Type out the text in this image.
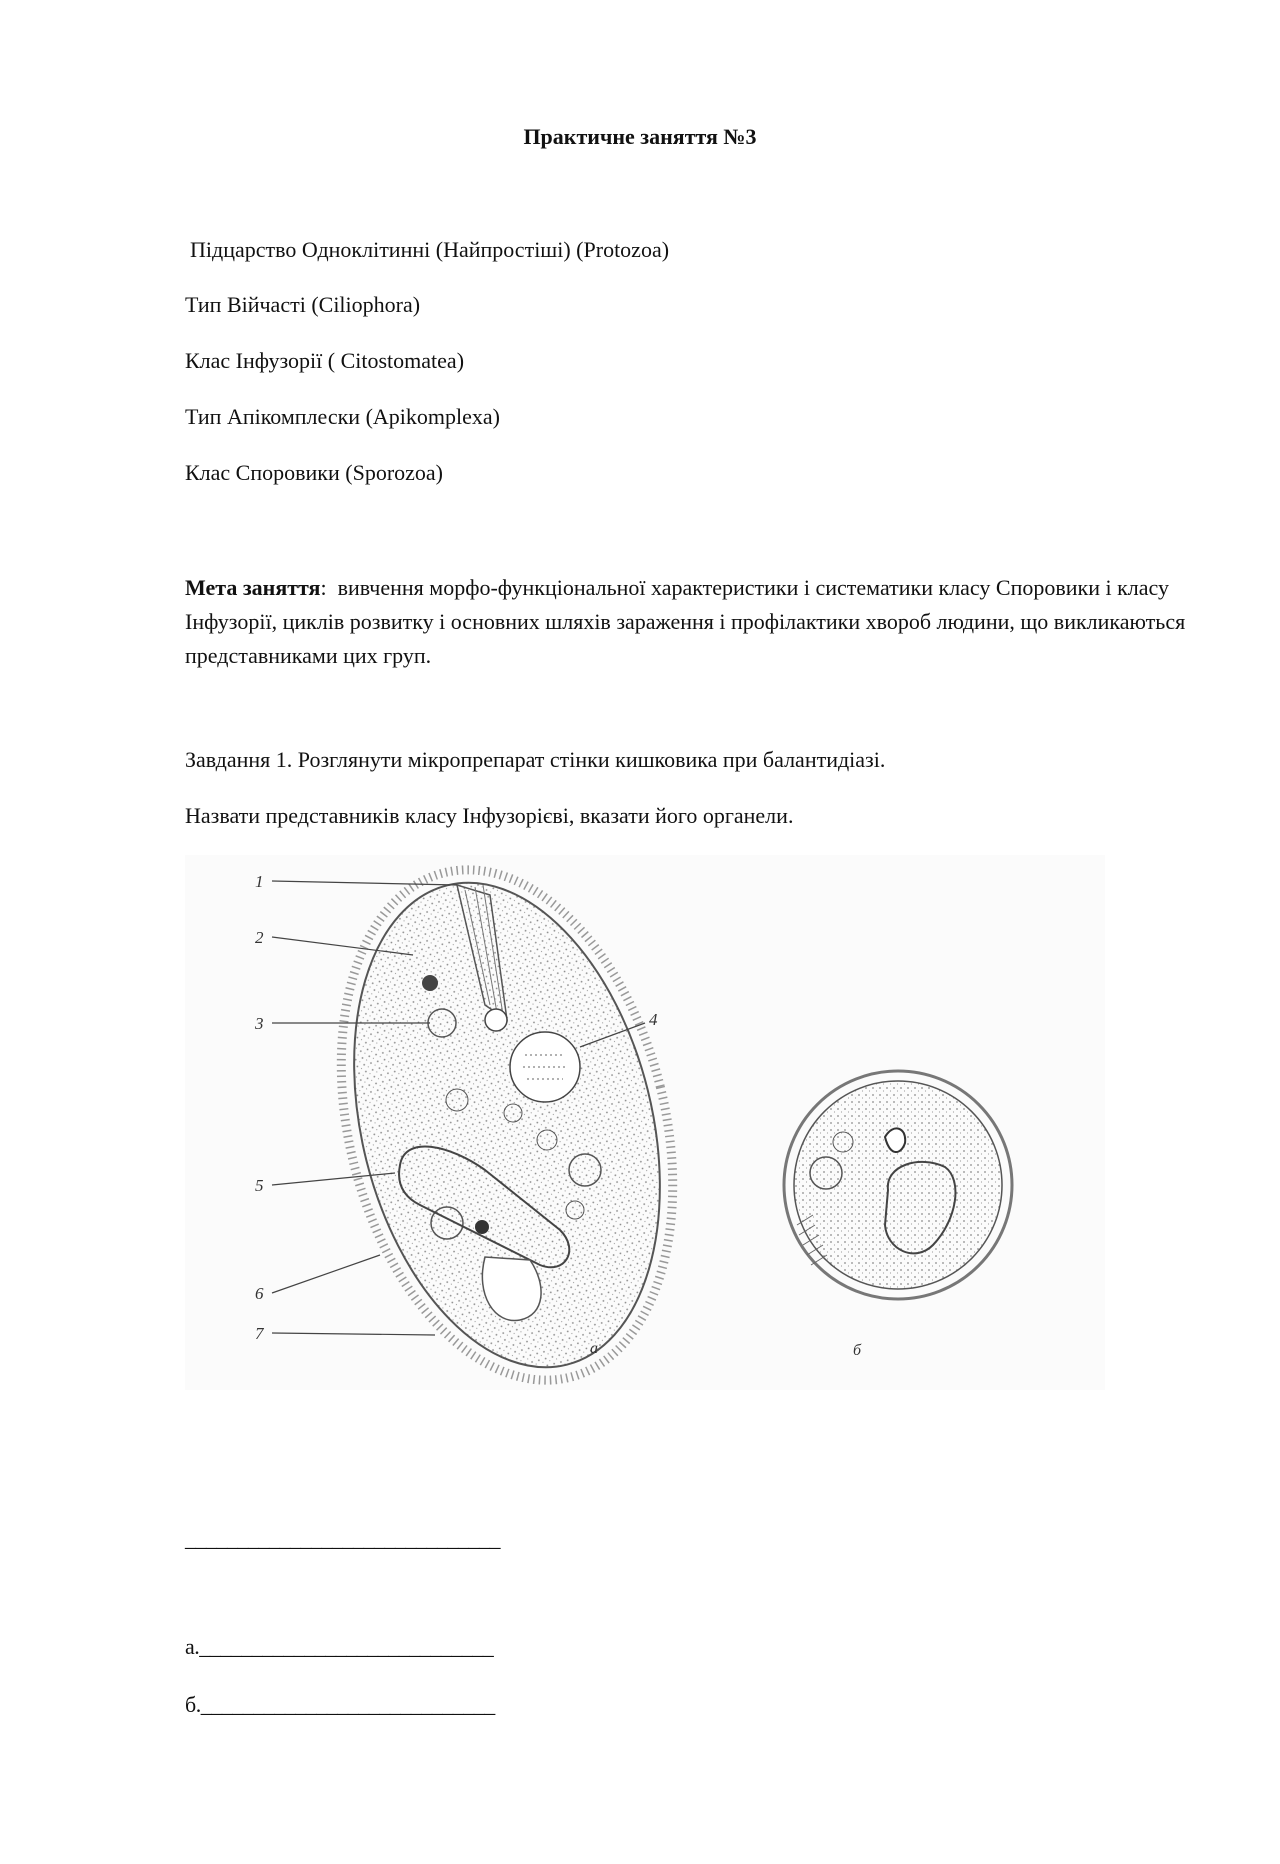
Практичне заняття №3
Підцарство Одноклітинні (Найпростіші) (Protozoa)
Тип Війчасті (Ciliophora)
Клас Інфузорії ( Citostomatea)
Тип Апікомплески (Apikomplexa)
Клас Споровики (Sporozoa)
Мета заняття:  вивчення морфо-функціональної характеристики і систематики класу Споровики і класу Інфузорії, циклів розвитку і основних шляхів зараження і профілактики хвороб людини, що викликаються представниками цих груп.
Завдання 1. Розглянути мікропрепарат стінки кишковика при балантидіазі.
Назвати представників класу Інфузорієві, вказати його органели.
1
2
3	4
5
6
7
а	б
______________________________
а.____________________________
б.____________________________
